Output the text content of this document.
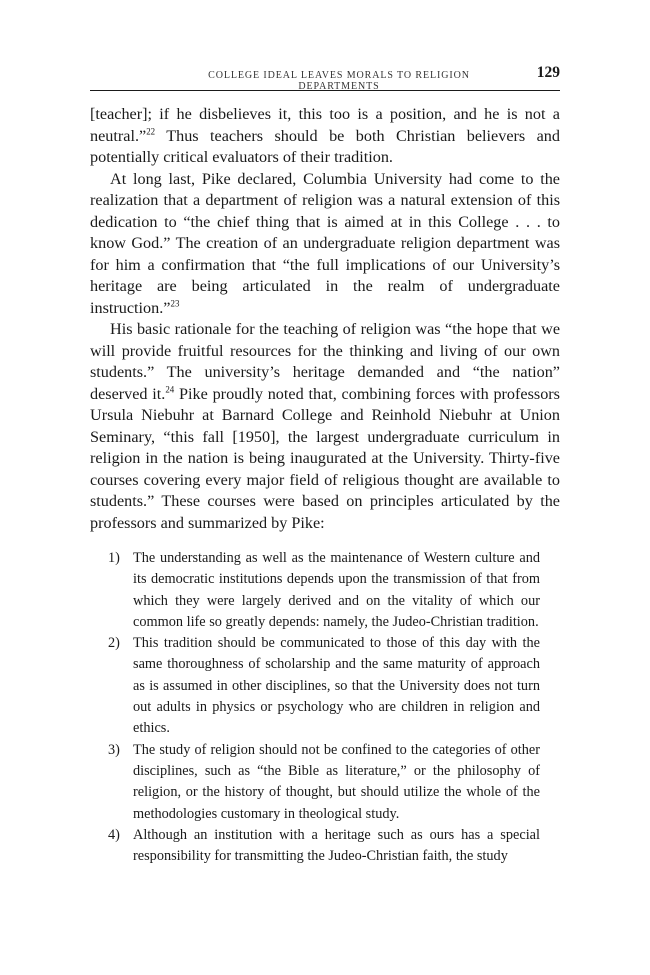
COLLEGE IDEAL LEAVES MORALS TO RELIGION DEPARTMENTS
129

[teacher]; if he disbelieves it, this too is a position, and he is not a neutral.”$^{22}$ Thus teachers should be both Christian believers and potentially critical evaluators of their tradition.

At long last, Pike declared, Columbia University had come to the realization that a department of religion was a natural extension of this dedication to “the chief thing that is aimed at in this College . . . to know God.” The creation of an undergraduate religion department was for him a confirmation that “the full implications of our University’s heritage are being articulated in the realm of undergraduate instruction.”$^{23}$

His basic rationale for the teaching of religion was “the hope that we will provide fruitful resources for the thinking and living of our own students.” The university’s heritage demanded and “the nation” deserved it.$^{24}$ Pike proudly noted that, combining forces with professors Ursula Niebuhr at Barnard College and Reinhold Niebuhr at Union Seminary, “this fall [1950], the largest undergraduate curriculum in religion in the nation is being inaugurated at the University. Thirty-five courses covering every major field of religious thought are available to students.” These courses were based on principles articulated by the professors and summarized by Pike:

1) The understanding as well as the maintenance of Western culture and its democratic institutions depends upon the transmission of that from which they were largely derived and on the vitality of which our common life so greatly depends: namely, the Judeo-Christian tradition.
2) This tradition should be communicated to those of this day with the same thoroughness of scholarship and the same maturity of approach as is assumed in other disciplines, so that the University does not turn out adults in physics or psychology who are children in religion and ethics.
3) The study of religion should not be confined to the categories of other disciplines, such as “the Bible as literature,” or the philosophy of religion, or the history of thought, but should utilize the whole of the methodologies customary in theological study.
4) Although an institution with a heritage such as ours has a special responsibility for transmitting the Judeo-Christian faith, the study
